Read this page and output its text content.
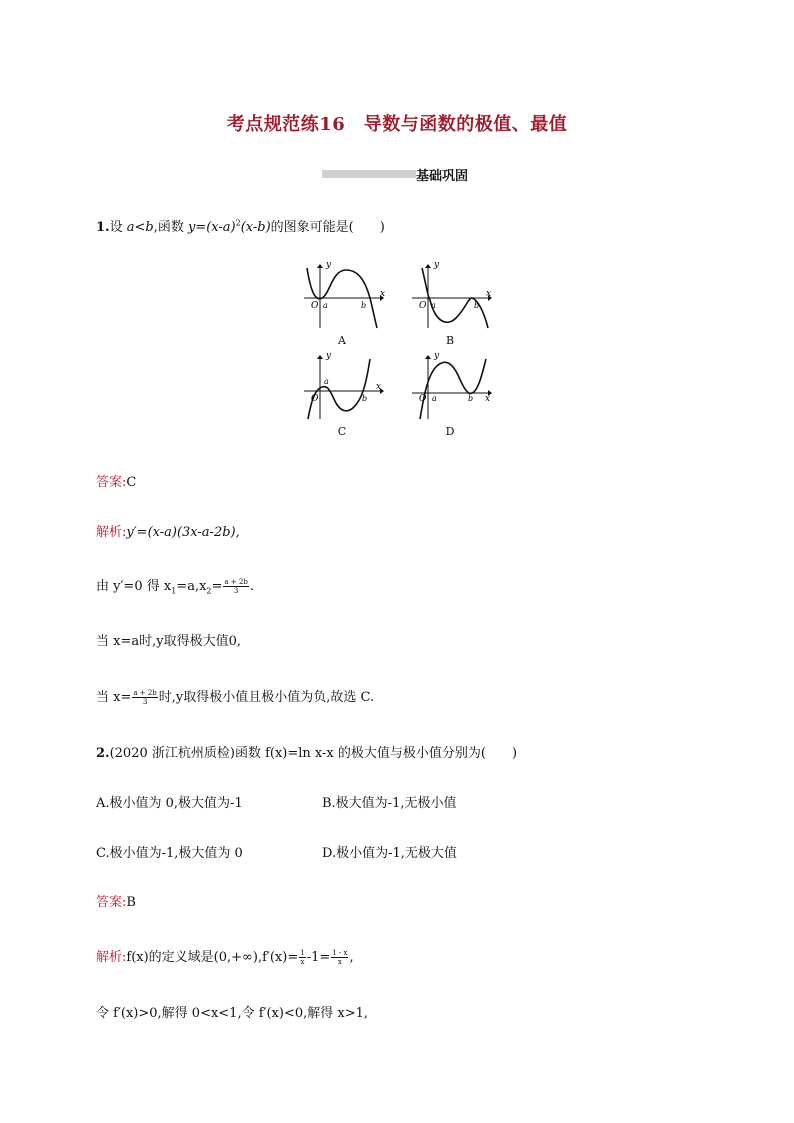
考点规范练16　导数与函数的极值、最值
基础巩固
1.设 a<b,函数 $y=(x-a)^2(x-b)$的图象可能是(　　)
y
x
O a	b
A
y
x
O a	b
B
y
x
O
a
b
C
y
x
O a	b
D
答案:C
解析:y′=(x-a)(3x-a-2b),
由 y′=0 得 $x_1=a,x_2= \frac{a + 2b}{3}$ .
当 x=a时,y取得极大值0,
当 $x= \frac{a + 2b}{3}$ 时,y取得极小值且极小值为负,故选 C.
2.(2020 浙江杭州质检)函数 f(x)=ln x-x 的极大值与极小值分别为(　　)
A.极小值为 0,极大值为-1	B.极大值为-1,无极小值
C.极小值为-1,极大值为 0	D.极小值为-1,无极大值
答案:B
解析:f(x)的定义域是$(0,+\infty),f'(x)= \frac{1}{x} -1= \frac{1 - x}{x}$ ,
令 f′(x)>0,解得 0<x<1,令 f′(x)<0,解得 x>1,
